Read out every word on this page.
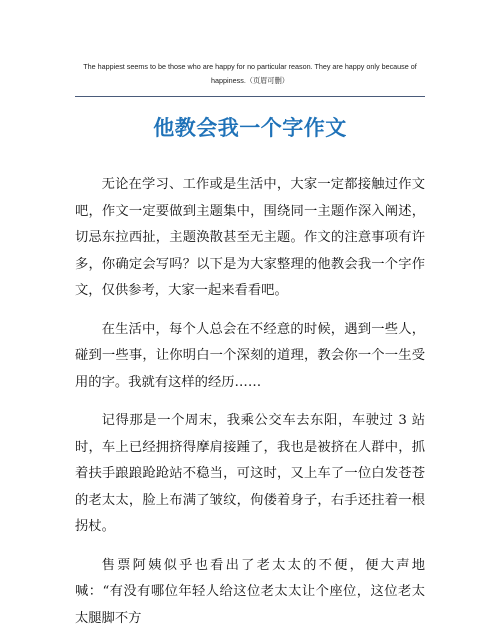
The happiest seems to be those who are happy for no particular reason. They are happy only because of happiness.（页眉可删）
他教会我一个字作文

无论在学习、工作或是生活中，大家一定都接触过作文吧，作文一定要做到主题集中，围绕同一主题作深入阐述，切忌东拉西扯，主题涣散甚至无主题。作文的注意事项有许多，你确定会写吗？以下是为大家整理的他教会我一个字作文，仅供参考，大家一起来看看吧。

在生活中，每个人总会在不经意的时候，遇到一些人，碰到一些事，让你明白一个深刻的道理，教会你一个一生受用的字。我就有这样的经历……

记得那是一个周末，我乘公交车去东阳，车驶过 3 站时，车上已经拥挤得摩肩接踵了，我也是被挤在人群中，抓着扶手踉踉跄跄站不稳当，可这时，又上车了一位白发苍苍的老太太，脸上布满了皱纹，佝偻着身子，右手还拄着一根拐杖。

售票阿姨似乎也看出了老太太的不便，便大声地喊：“有没有哪位年轻人给这位老太太让个座位，这位老太太腿脚不方
